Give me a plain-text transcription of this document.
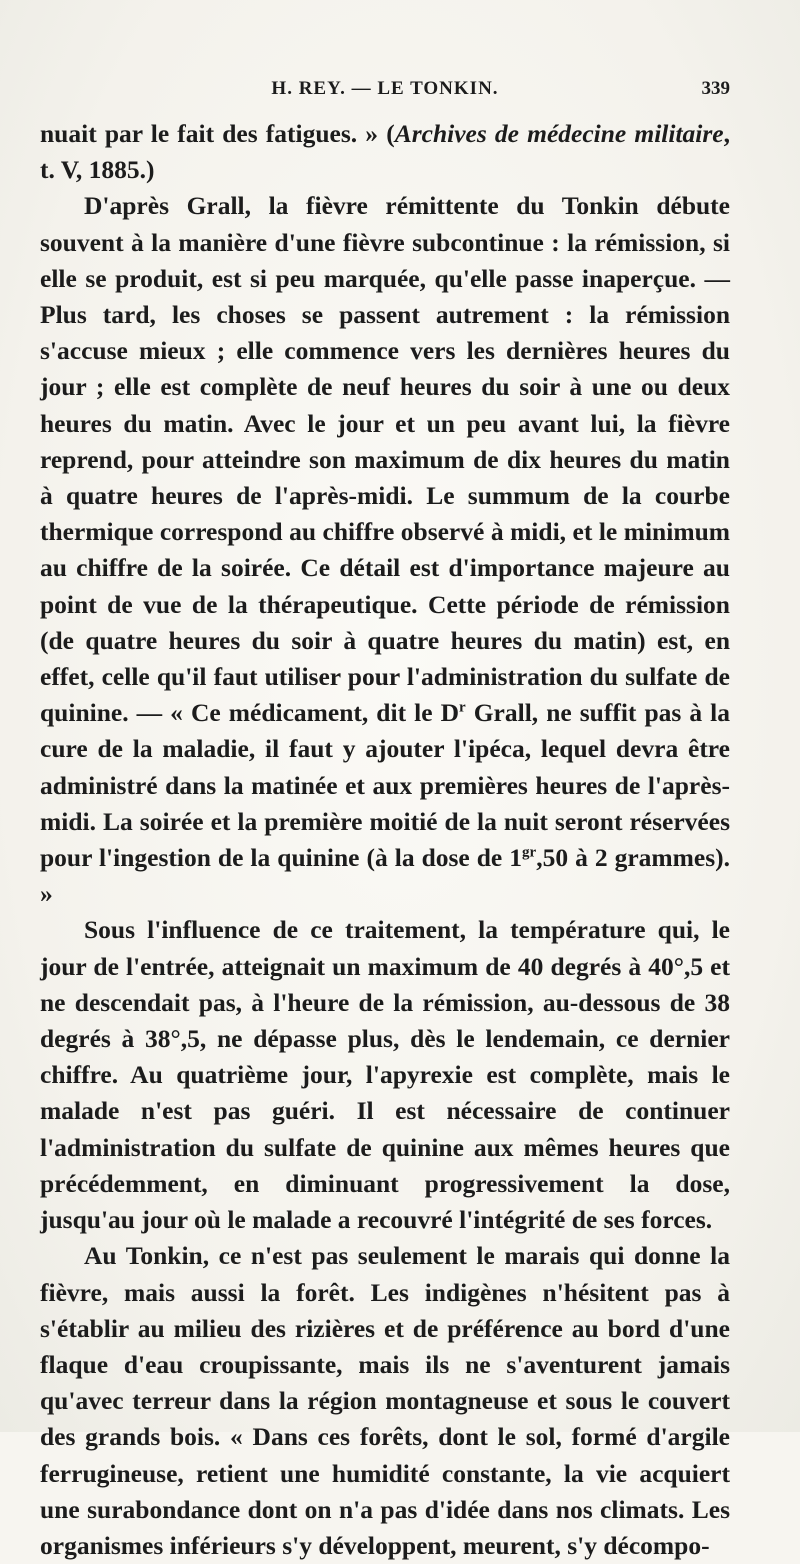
H. REY. — LE TONKIN.	339

nuait par le fait des fatigues. » (Archives de médecine militaire, t. V, 1885.)

D'après Grall, la fièvre rémittente du Tonkin débute souvent à la manière d'une fièvre subcontinue : la rémission, si elle se produit, est si peu marquée, qu'elle passe inaperçue. — Plus tard, les choses se passent autrement : la rémission s'accuse mieux ; elle commence vers les dernières heures du jour ; elle est complète de neuf heures du soir à une ou deux heures du matin. Avec le jour et un peu avant lui, la fièvre reprend, pour atteindre son maximum de dix heures du matin à quatre heures de l'après-midi. Le summum de la courbe thermique correspond au chiffre observé à midi, et le minimum au chiffre de la soirée. Ce détail est d'importance majeure au point de vue de la thérapeutique. Cette période de rémission (de quatre heures du soir à quatre heures du matin) est, en effet, celle qu'il faut utiliser pour l'administration du sulfate de quinine. — « Ce médicament, dit le $D^r$ Grall, ne suffit pas à la cure de la maladie, il faut y ajouter l'ipéca, lequel devra être administré dans la matinée et aux premières heures de l'après-midi. La soirée et la première moitié de la nuit seront réservées pour l'ingestion de la quinine (à la dose de $1^{gr},50$ à 2 grammes). »

Sous l'influence de ce traitement, la température qui, le jour de l'entrée, atteignait un maximum de 40 degrés à 40°,5 et ne descendait pas, à l'heure de la rémission, au-dessous de 38 degrés à 38°,5, ne dépasse plus, dès le lendemain, ce dernier chiffre. Au quatrième jour, l'apyrexie est complète, mais le malade n'est pas guéri. Il est nécessaire de continuer l'administration du sulfate de quinine aux mêmes heures que précédemment, en diminuant progressivement la dose, jusqu'au jour où le malade a recouvré l'intégrité de ses forces.

Au Tonkin, ce n'est pas seulement le marais qui donne la fièvre, mais aussi la forêt. Les indigènes n'hésitent pas à s'établir au milieu des rizières et de préférence au bord d'une flaque d'eau croupissante, mais ils ne s'aventurent jamais qu'avec terreur dans la région montagneuse et sous le couvert des grands bois. « Dans ces forêts, dont le sol, formé d'argile ferrugineuse, retient une humidité constante, la vie acquiert une surabondance dont on n'a pas d'idée dans nos climats. Les organismes inférieurs s'y développent, meurent, s'y décompo-
